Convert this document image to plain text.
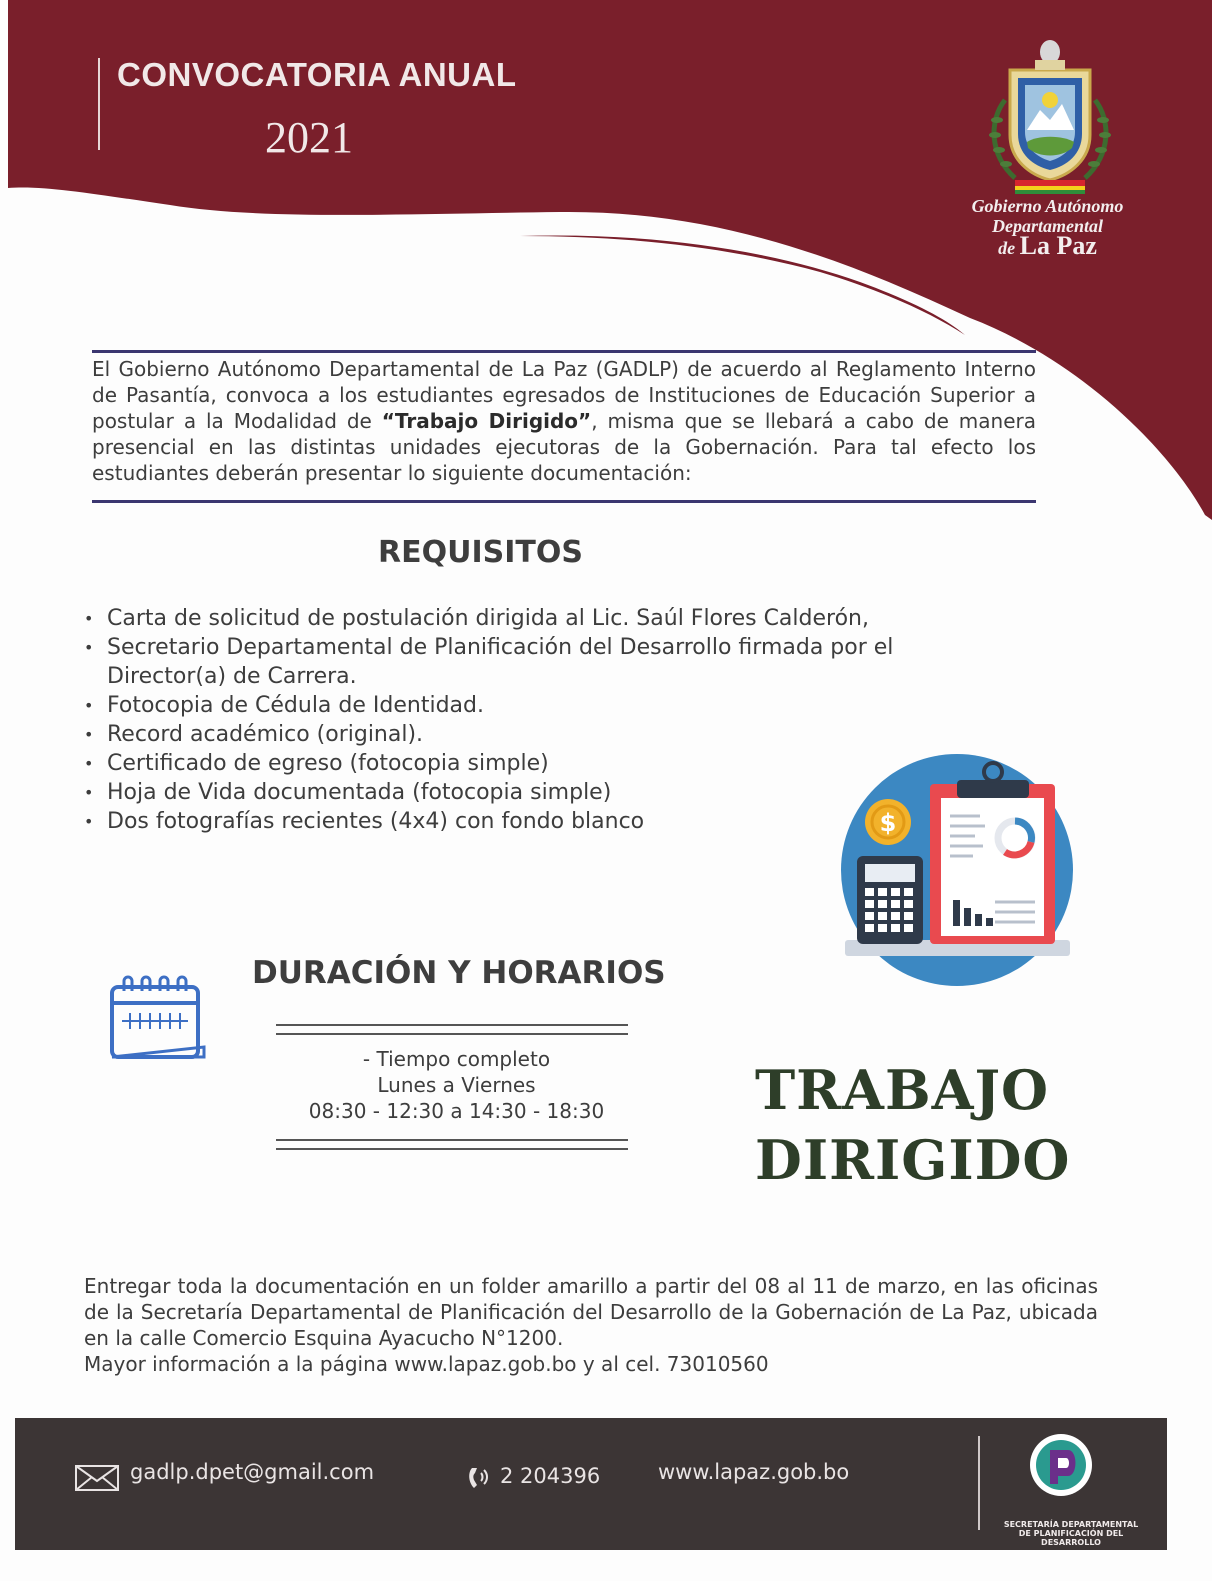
CONVOCATORIA ANUAL
2021
Gobierno Autónomo
Departamental
de La Paz
El Gobierno Autónomo Departamental de La Paz (GADLP) de acuerdo al Reglamento Interno de Pasantía, convoca a los estudiantes egresados de Instituciones de Educación Superior a postular a la Modalidad de “Trabajo Dirigido”, misma que se llebará a cabo de manera presencial en las distintas unidades ejecutoras de la Gobernación. Para tal efecto los estudiantes deberán presentar lo siguiente documentación:
REQUISITOS
• Carta de solicitud de postulación dirigida al Lic. Saúl Flores Calderón,
• Secretario Departamental de Planificación del Desarrollo firmada por el Director(a) de Carrera.
• Fotocopia de Cédula de Identidad.
• Record académico (original).
• Certificado de egreso (fotocopia simple)
• Hoja de Vida documentada (fotocopia simple)
• Dos fotografías recientes (4x4) con fondo blanco	$
DURACIÓN Y HORARIOS
- Tiempo completo
Lunes a Viernes
08:30 - 12:30 a 14:30 - 18:30	TRABAJO
DIRIGIDO
Entregar toda la documentación en un folder amarillo a partir del 08 al 11 de marzo, en las oficinas de la Secretaría Departamental de Planificación del Desarrollo de la Gobernación de La Paz, ubicada en la calle Comercio Esquina Ayacucho N°1200.
Mayor información a la página www.lapaz.gob.bo y al cel. 73010560
gadlp.dpet@gmail.com	2 204396	www.lapaz.gob.bo
SECRETARÍA DEPARTAMENTAL
DE PLANIFICACIÓN DEL
DESARROLLO
